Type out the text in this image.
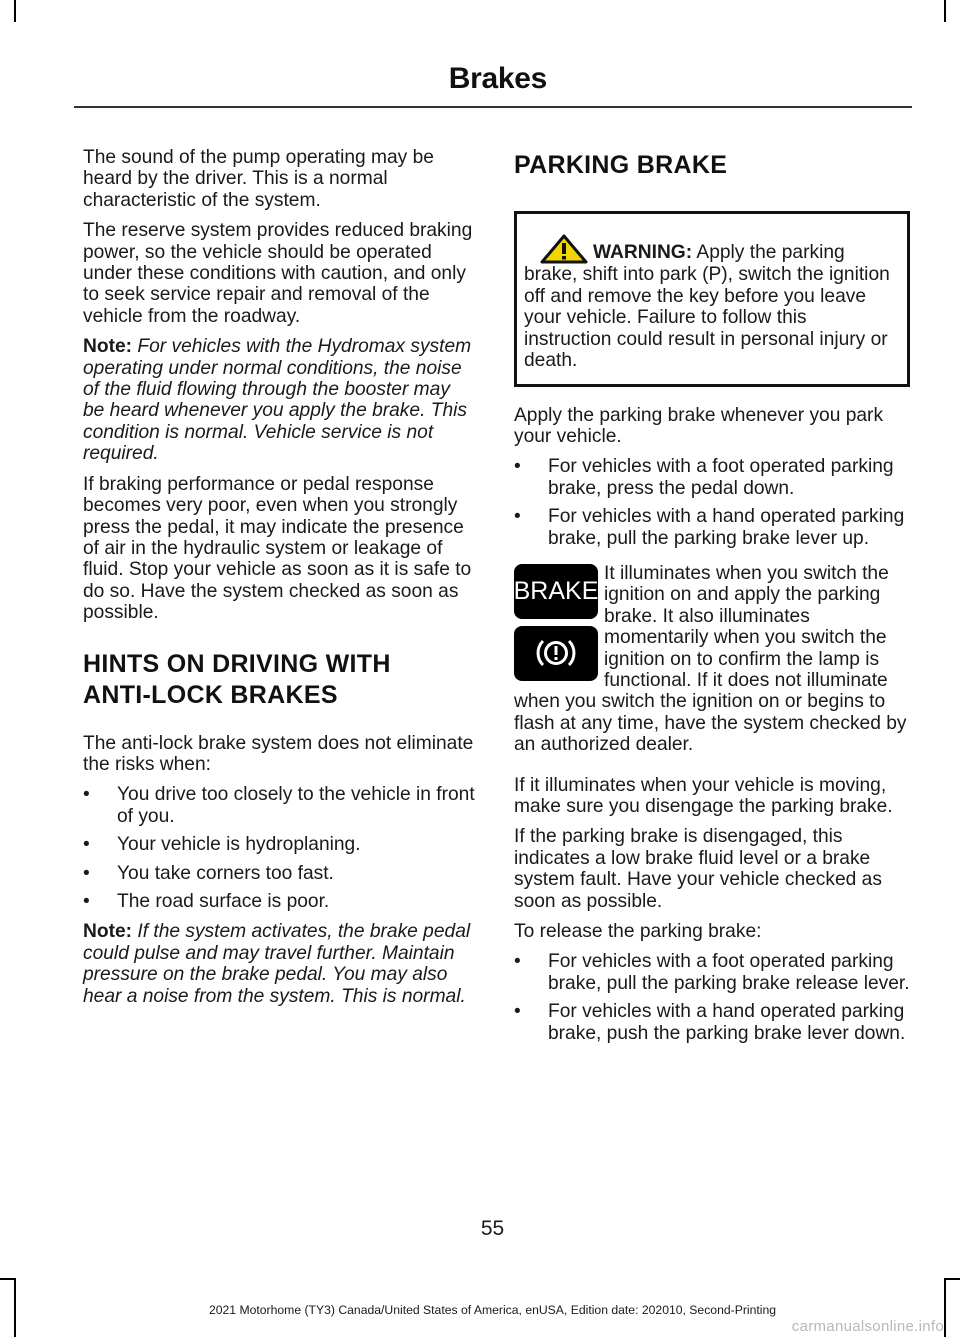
Brakes

The sound of the pump operating may be heard by the driver. This is a normal characteristic of the system.

The reserve system provides reduced braking power, so the vehicle should be operated under these conditions with caution, and only to seek service repair and removal of the vehicle from the roadway.

Note: For vehicles with the Hydromax system operating under normal conditions, the noise of the fluid flowing through the booster may be heard whenever you apply the brake. This condition is normal. Vehicle service is not required.

If braking performance or pedal response becomes very poor, even when you strongly press the pedal, it may indicate the presence of air in the hydraulic system or leakage of fluid. Stop your vehicle as soon as it is safe to do so. Have the system checked as soon as possible.

HINTS ON DRIVING WITH
ANTI-LOCK BRAKES

The anti-lock brake system does not eliminate the risks when:

• You drive too closely to the vehicle in front of you.
• Your vehicle is hydroplaning.
• You take corners too fast.
• The road surface is poor.

Note: If the system activates, the brake pedal could pulse and may travel further. Maintain pressure on the brake pedal. You may also hear a noise from the system. This is normal.

PARKING BRAKE
WARNING: Apply the parking brake, shift into park (P), switch the ignition off and remove the key before you leave your vehicle. Failure to follow this instruction could result in personal injury or death.

Apply the parking brake whenever you park your vehicle.

• For vehicles with a foot operated parking brake, press the pedal down.
• For vehicles with a hand operated parking brake, pull the parking brake lever up.
BRAKE

It illuminates when you switch the ignition on and apply the parking brake. It also illuminates momentarily when you switch the ignition on to confirm the lamp is functional. If it does not illuminate when you switch the ignition on or begins to flash at any time, have the system checked by an authorized dealer.

If it illuminates when your vehicle is moving, make sure you disengage the parking brake.

If the parking brake is disengaged, this indicates a low brake fluid level or a brake system fault. Have your vehicle checked as soon as possible.

To release the parking brake:

• For vehicles with a foot operated parking brake, pull the parking brake release lever.
• For vehicles with a hand operated parking brake, push the parking brake lever down.
55
2021 Motorhome (TY3) Canada/United States of America, enUSA, Edition date: 202010, Second-Printing
carmanualsonline.info
